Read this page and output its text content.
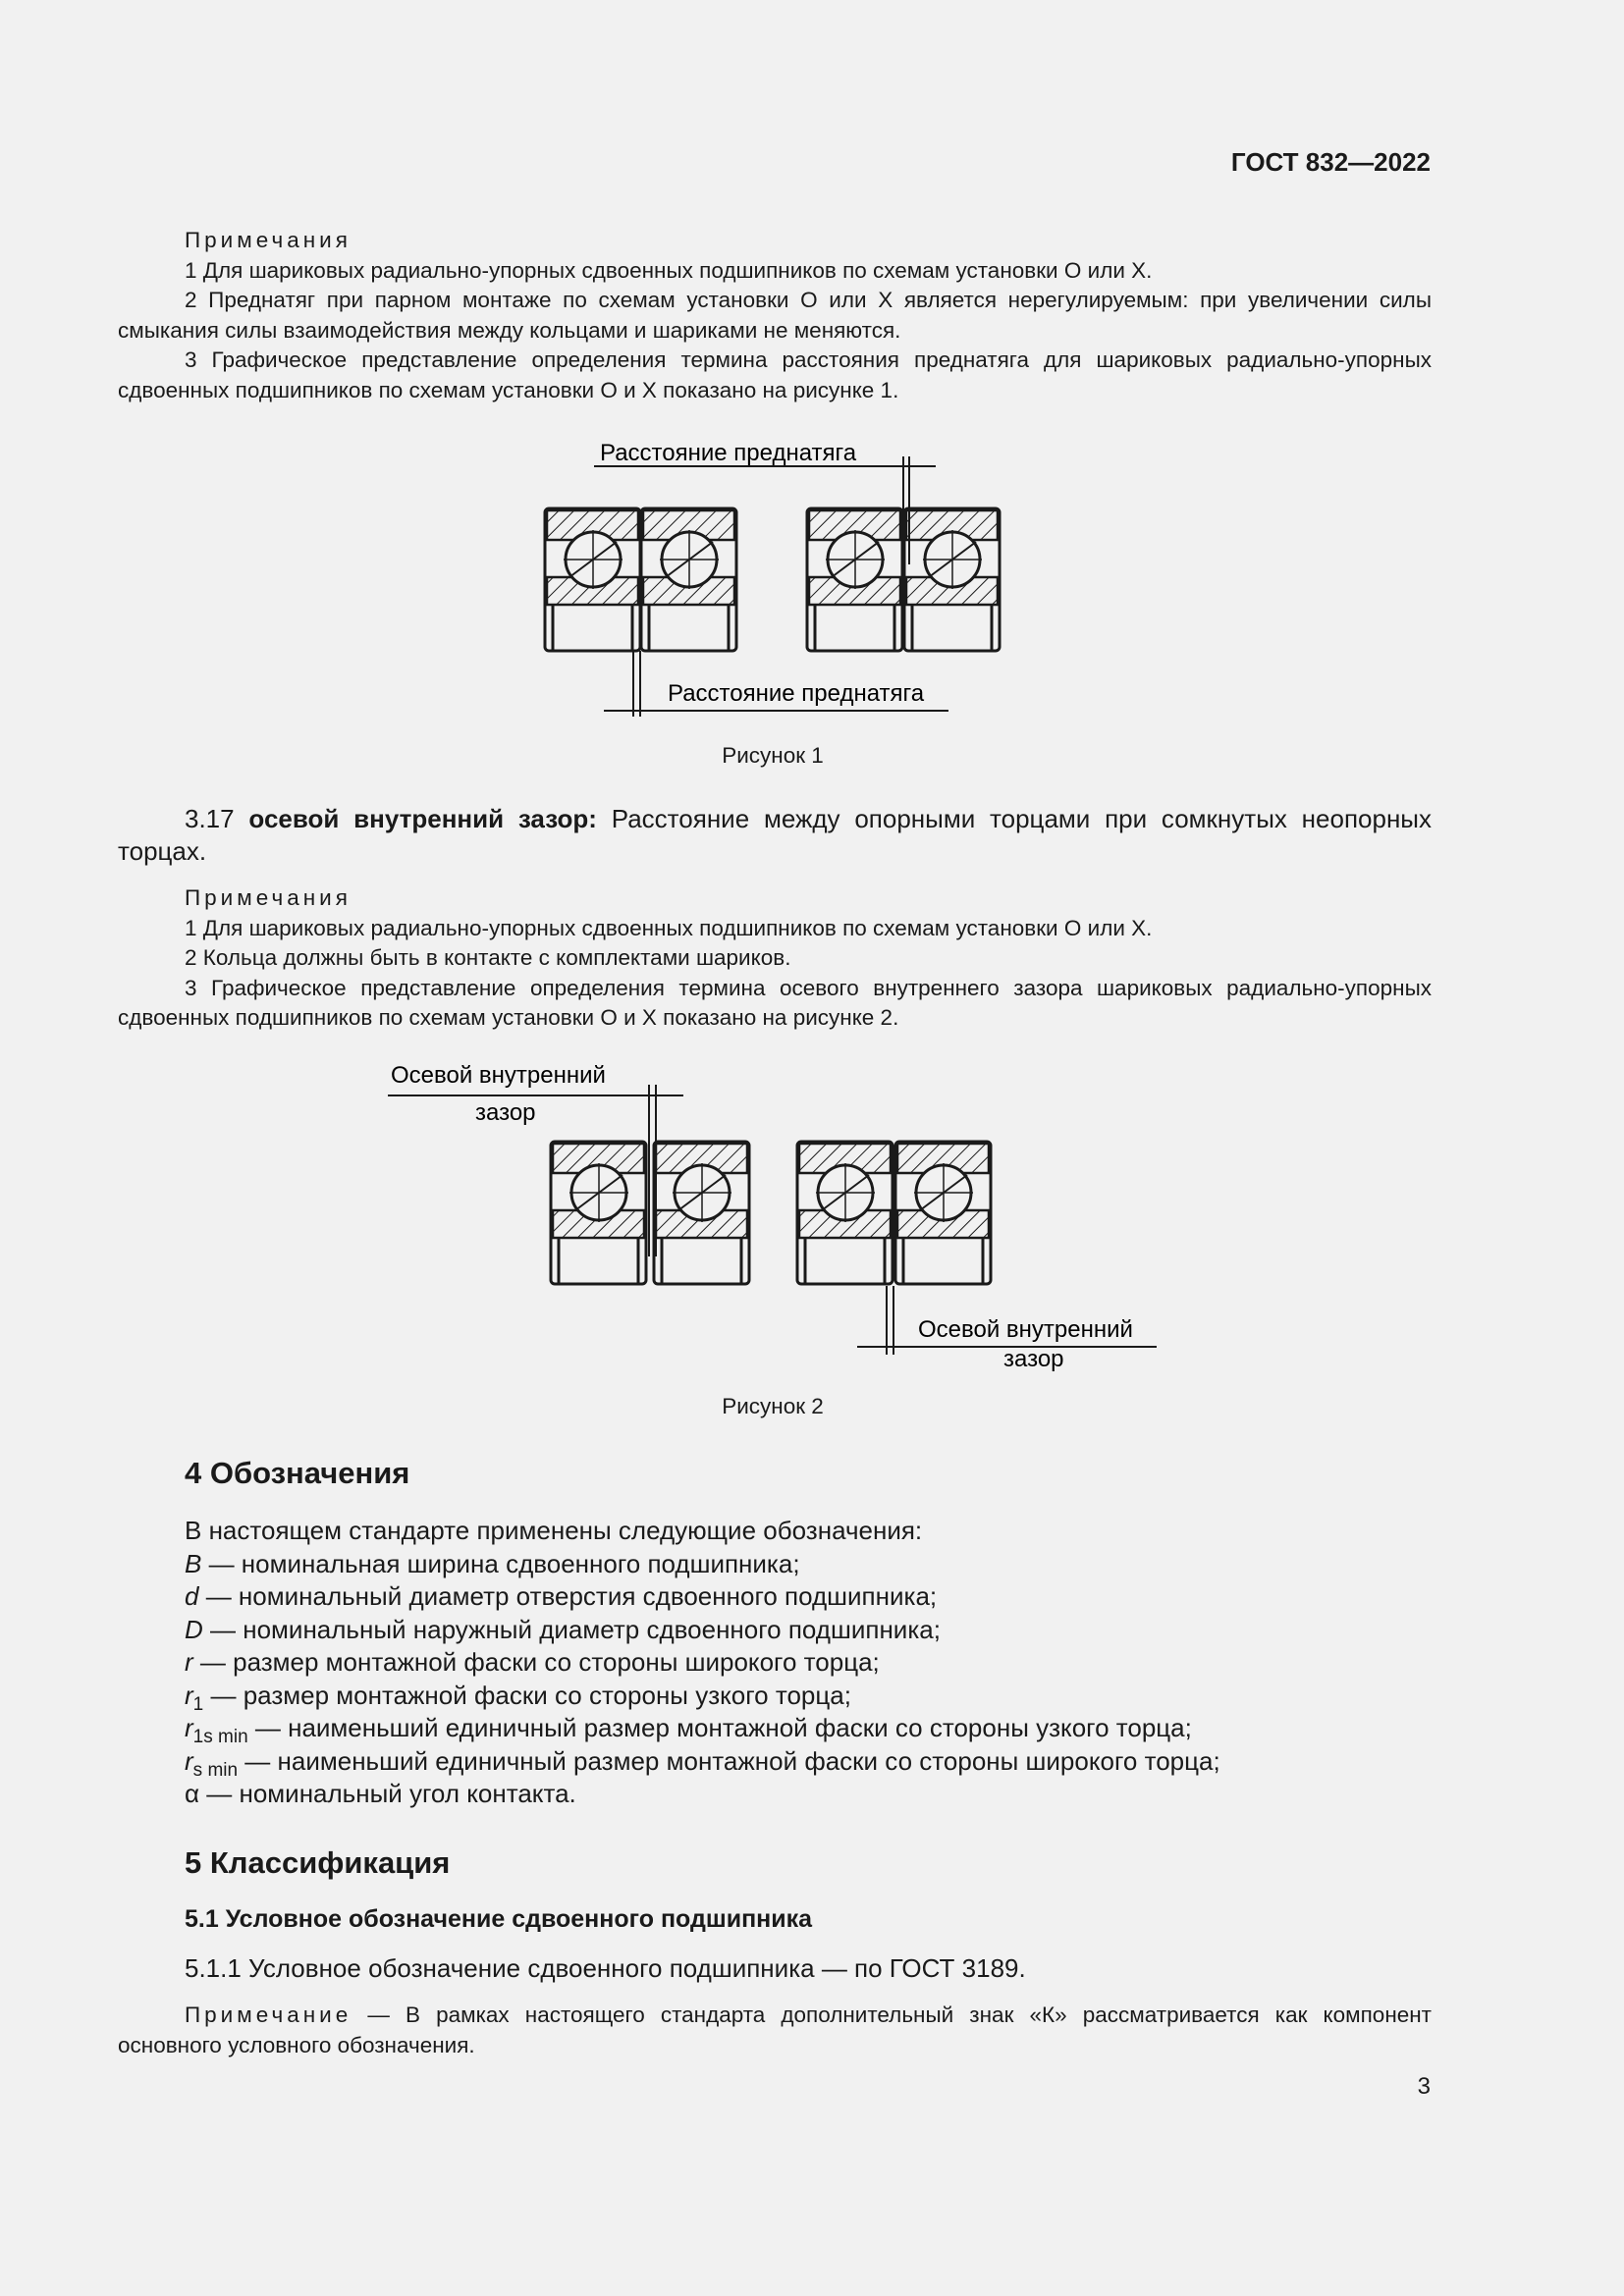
ГОСТ 832—2022

Примечания

1 Для шариковых радиально-упорных сдвоенных подшипников по схемам установки О или Х.

2 Преднатяг при парном монтаже по схемам установки О или Х является нерегулируемым: при увеличении силы смыкания силы взаимодействия между кольцами и шариками не меняются.

3 Графическое представление определения термина расстояния преднатяга для шариковых радиально-упорных сдвоенных подшипников по схемам установки О и Х показано на рисунке 1.

Расстояние преднатяга
Расстояние преднатяга
Рисунок 1

3.17 осевой внутренний зазор: Расстояние между опорными торцами при сомкнутых неопорных торцах.

Примечания

1 Для шариковых радиально-упорных сдвоенных подшипников по схемам установки О или Х.

2 Кольца должны быть в контакте с комплектами шариков.

3 Графическое представление определения термина осевого внутреннего зазора шариковых радиально-упорных сдвоенных подшипников по схемам установки О и Х показано на рисунке 2.

Осевой внутренний
зазор
Осевой внутренний
зазор
Рисунок 2
4 Обозначения

В настоящем стандарте применены следующие обозначения:

B — номинальная ширина сдвоенного подшипника;

d — номинальный диаметр отверстия сдвоенного подшипника;

D — номинальный наружный диаметр сдвоенного подшипника;

r — размер монтажной фаски со стороны широкого торца;

$r_1$ — размер монтажной фаски со стороны узкого торца;

$r_{1s min}$ — наименьший единичный размер монтажной фаски со стороны узкого торца;

$r_{s min}$ — наименьший единичный размер монтажной фаски со стороны широкого торца;

α — номинальный угол контакта.

5 Классификация
5.1 Условное обозначение сдвоенного подшипника

5.1.1 Условное обозначение сдвоенного подшипника — по ГОСТ 3189.

Примечание — В рамках настоящего стандарта дополнительный знак «К» рассматривается как компонент основного условного обозначения.

3
